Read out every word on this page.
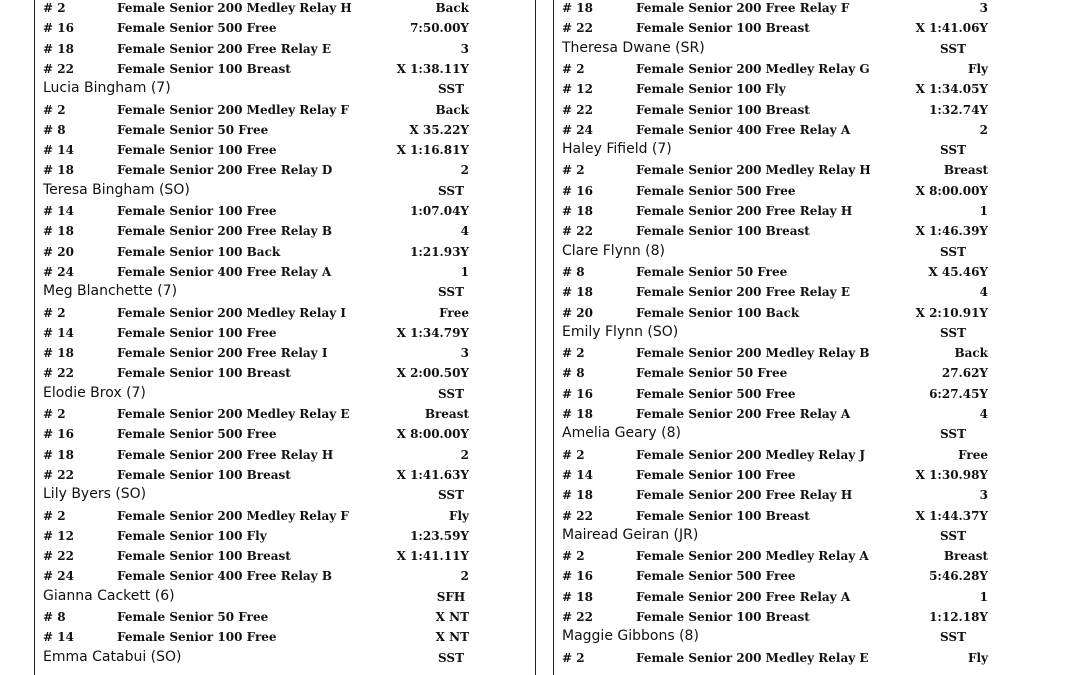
# 2	Female Senior 200 Medley Relay H	Back
# 16	Female Senior 500 Free	7:50.00Y
# 18	Female Senior 200 Free Relay E	3
# 22	Female Senior 100 Breast	X 1:38.11Y
Lucia Bingham (7)	SST
# 2	Female Senior 200 Medley Relay F	Back
# 8	Female Senior 50 Free	X 35.22Y
# 14	Female Senior 100 Free	X 1:16.81Y
# 18	Female Senior 200 Free Relay D	2
Teresa Bingham (SO)	SST
# 14	Female Senior 100 Free	1:07.04Y
# 18	Female Senior 200 Free Relay B	4
# 20	Female Senior 100 Back	1:21.93Y
# 24	Female Senior 400 Free Relay A	1
Meg Blanchette (7)	SST
# 2	Female Senior 200 Medley Relay I	Free
# 14	Female Senior 100 Free	X 1:34.79Y
# 18	Female Senior 200 Free Relay I	3
# 22	Female Senior 100 Breast	X 2:00.50Y
Elodie Brox (7)	SST
# 2	Female Senior 200 Medley Relay E	Breast
# 16	Female Senior 500 Free	X 8:00.00Y
# 18	Female Senior 200 Free Relay H	2
# 22	Female Senior 100 Breast	X 1:41.63Y
Lily Byers (SO)	SST
# 2	Female Senior 200 Medley Relay F	Fly
# 12	Female Senior 100 Fly	1:23.59Y
# 22	Female Senior 100 Breast	X 1:41.11Y
# 24	Female Senior 400 Free Relay B	2
Gianna Cackett (6)	SFH
# 8	Female Senior 50 Free	X NT
# 14	Female Senior 100 Free	X NT
Emma Catabui (SO)	SST
# 18	Female Senior 200 Free Relay F	3
# 22	Female Senior 100 Breast	X 1:41.06Y
Theresa Dwane (SR)	SST
# 2	Female Senior 200 Medley Relay G	Fly
# 12	Female Senior 100 Fly	X 1:34.05Y
# 22	Female Senior 100 Breast	1:32.74Y
# 24	Female Senior 400 Free Relay A	2
Haley Fifield (7)	SST
# 2	Female Senior 200 Medley Relay H	Breast
# 16	Female Senior 500 Free	X 8:00.00Y
# 18	Female Senior 200 Free Relay H	1
# 22	Female Senior 100 Breast	X 1:46.39Y
Clare Flynn (8)	SST
# 8	Female Senior 50 Free	X 45.46Y
# 18	Female Senior 200 Free Relay E	4
# 20	Female Senior 100 Back	X 2:10.91Y
Emily Flynn (SO)	SST
# 2	Female Senior 200 Medley Relay B	Back
# 8	Female Senior 50 Free	27.62Y
# 16	Female Senior 500 Free	6:27.45Y
# 18	Female Senior 200 Free Relay A	4
Amelia Geary (8)	SST
# 2	Female Senior 200 Medley Relay J	Free
# 14	Female Senior 100 Free	X 1:30.98Y
# 18	Female Senior 200 Free Relay H	3
# 22	Female Senior 100 Breast	X 1:44.37Y
Mairead Geiran (JR)	SST
# 2	Female Senior 200 Medley Relay A	Breast
# 16	Female Senior 500 Free	5:46.28Y
# 18	Female Senior 200 Free Relay A	1
# 22	Female Senior 100 Breast	1:12.18Y
Maggie Gibbons (8)	SST
# 2	Female Senior 200 Medley Relay E	Fly
